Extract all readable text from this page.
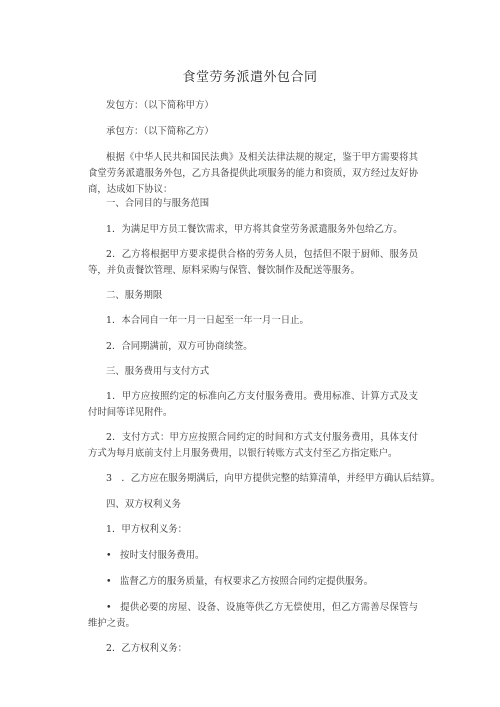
食堂劳务派遣外包合同

发包方：（以下简称甲方）

承包方：（以下简称乙方）

根据《中华人民共和国民法典》及相关法律法规的规定，鉴于甲方需要将其食堂劳务派遣服务外包，乙方具备提供此项服务的能力和资质，双方经过友好协商，达成如下协议：

一、合同目的与服务范围

1．为满足甲方员工餐饮需求，甲方将其食堂劳务派遣服务外包给乙方。

2．乙方将根据甲方要求提供合格的劳务人员，包括但不限于厨师、服务员等，并负责餐饮管理、原料采购与保管、餐饮制作及配送等服务。

二、服务期限

1．本合同自一年一月一日起至一年一月一日止。

2．合同期满前，双方可协商续签。

三、服务费用与支付方式

1．甲方应按照约定的标准向乙方支付服务费用。费用标准、计算方式及支付时间等详见附件。

2．支付方式：甲方应按照合同约定的时间和方式支付服务费用，具体支付方式为每月底前支付上月服务费用，以银行转账方式支付至乙方指定账户。

3　．乙方应在服务期满后，向甲方提供完整的结算清单，并经甲方确认后结算。

四、双方权利义务

1．甲方权利义务：

• 按时支付服务费用。

• 监督乙方的服务质量，有权要求乙方按照合同约定提供服务。

• 提供必要的房屋、设备、设施等供乙方无偿使用，但乙方需善尽保管与维护之责。

2．乙方权利义务：
